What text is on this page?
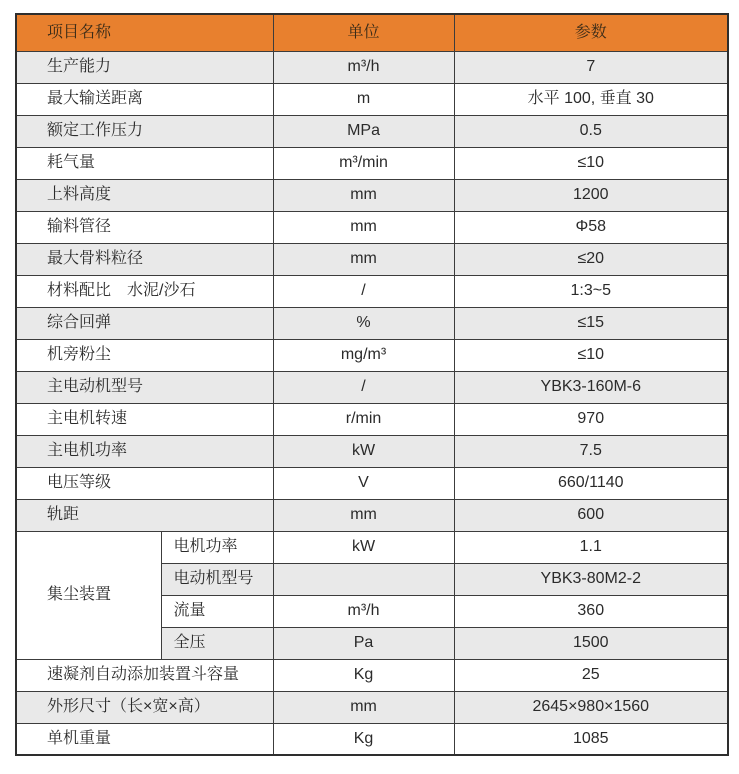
项目名称		单位	参数
生产能力		m³/h	7
最大输送距离		m	水平 100, 垂直 30
额定工作压力		MPa	0.5
耗气量		m³/min	≤10
上料高度		mm	1200
输料管径		mm	Φ58
最大骨料粒径		mm	≤20
材料配比　水泥/沙石		/	1:3~5
综合回弹		%	≤15
机旁粉尘		mg/m³	≤10
主电动机型号		/	YBK3-160M-6
主电机转速		r/min	970
主电机功率		kW	7.5
电压等级		V	660/1140
轨距		mm	600
集尘装置	电机功率	kW	1.1
	电动机型号		YBK3-80M2-2
	流量	m³/h	360
	全压	Pa	1500
速凝剂自动添加装置斗容量		Kg	25
外形尺寸（长×宽×高）		mm	2645×980×1560
单机重量		Kg	1085
